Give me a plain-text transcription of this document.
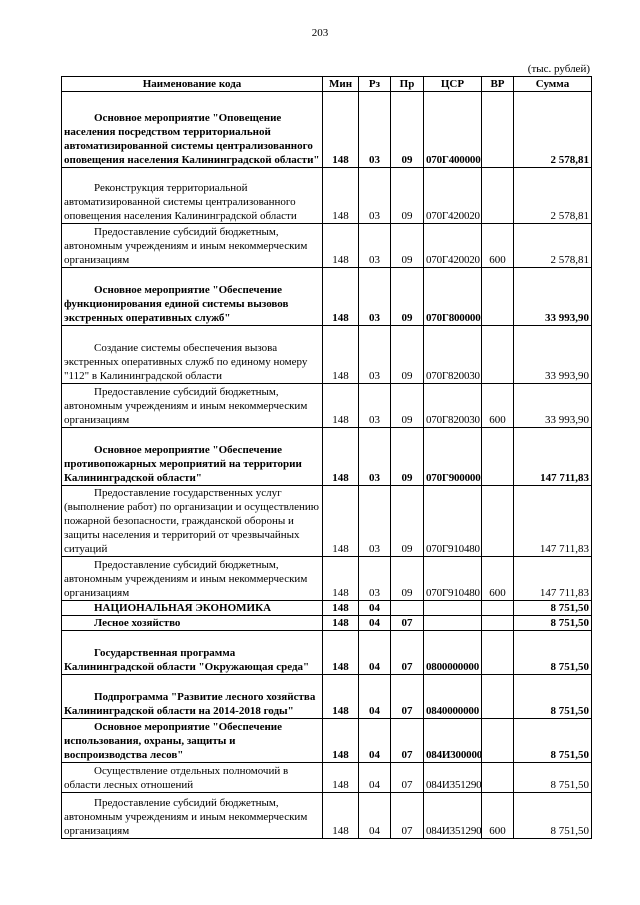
203
(тыс. рублей)
Наименование кода	Мин	Рз	Пр	ЦСР	ВР	Сумма
Основное мероприятие "Оповещение населения посредством территориальной автоматизированной системы централизованного оповещения населения Калининградской области"	148	03	09	070Г400000		2 578,81
Реконструкция территориальной автоматизированной системы централизованного оповещения населения Калининградской области	148	03	09	070Г420020		2 578,81
Предоставление субсидий бюджетным, автономным учреждениям и иным некоммерческим организациям	148	03	09	070Г420020	600	2 578,81
Основное мероприятие "Обеспечение функционирования единой системы вызовов экстренных оперативных служб"	148	03	09	070Г800000		33 993,90
Создание системы обеспечения вызова экстренных оперативных служб по единому номеру "112" в Калининградской области	148	03	09	070Г820030		33 993,90
Предоставление субсидий бюджетным, автономным учреждениям и иным некоммерческим организациям	148	03	09	070Г820030	600	33 993,90
Основное мероприятие "Обеспечение противопожарных мероприятий на территории Калининградской области"	148	03	09	070Г900000		147 711,83
Предоставление государственных услуг (выполнение работ) по организации и осуществлению пожарной безопасности, гражданской обороны и защиты населения и территорий от чрезвычайных ситуаций	148	03	09	070Г910480		147 711,83
Предоставление субсидий бюджетным, автономным учреждениям и иным некоммерческим организациям	148	03	09	070Г910480	600	147 711,83
НАЦИОНАЛЬНАЯ ЭКОНОМИКА	148	04				8 751,50
Лесное хозяйство	148	04	07			8 751,50
Государственная программа Калининградской области "Окружающая среда"	148	04	07	0800000000		8 751,50
Подпрограмма "Развитие лесного хозяйства Калининградской области на 2014-2018 годы"	148	04	07	0840000000		8 751,50
Основное мероприятие "Обеспечение использования, охраны, защиты и воспроизводства лесов"	148	04	07	084И300000		8 751,50
Осуществление отдельных полномочий в области лесных отношений	148	04	07	084И351290		8 751,50
Предоставление субсидий бюджетным, автономным учреждениям и иным некоммерческим организациям	148	04	07	084И351290	600	8 751,50
